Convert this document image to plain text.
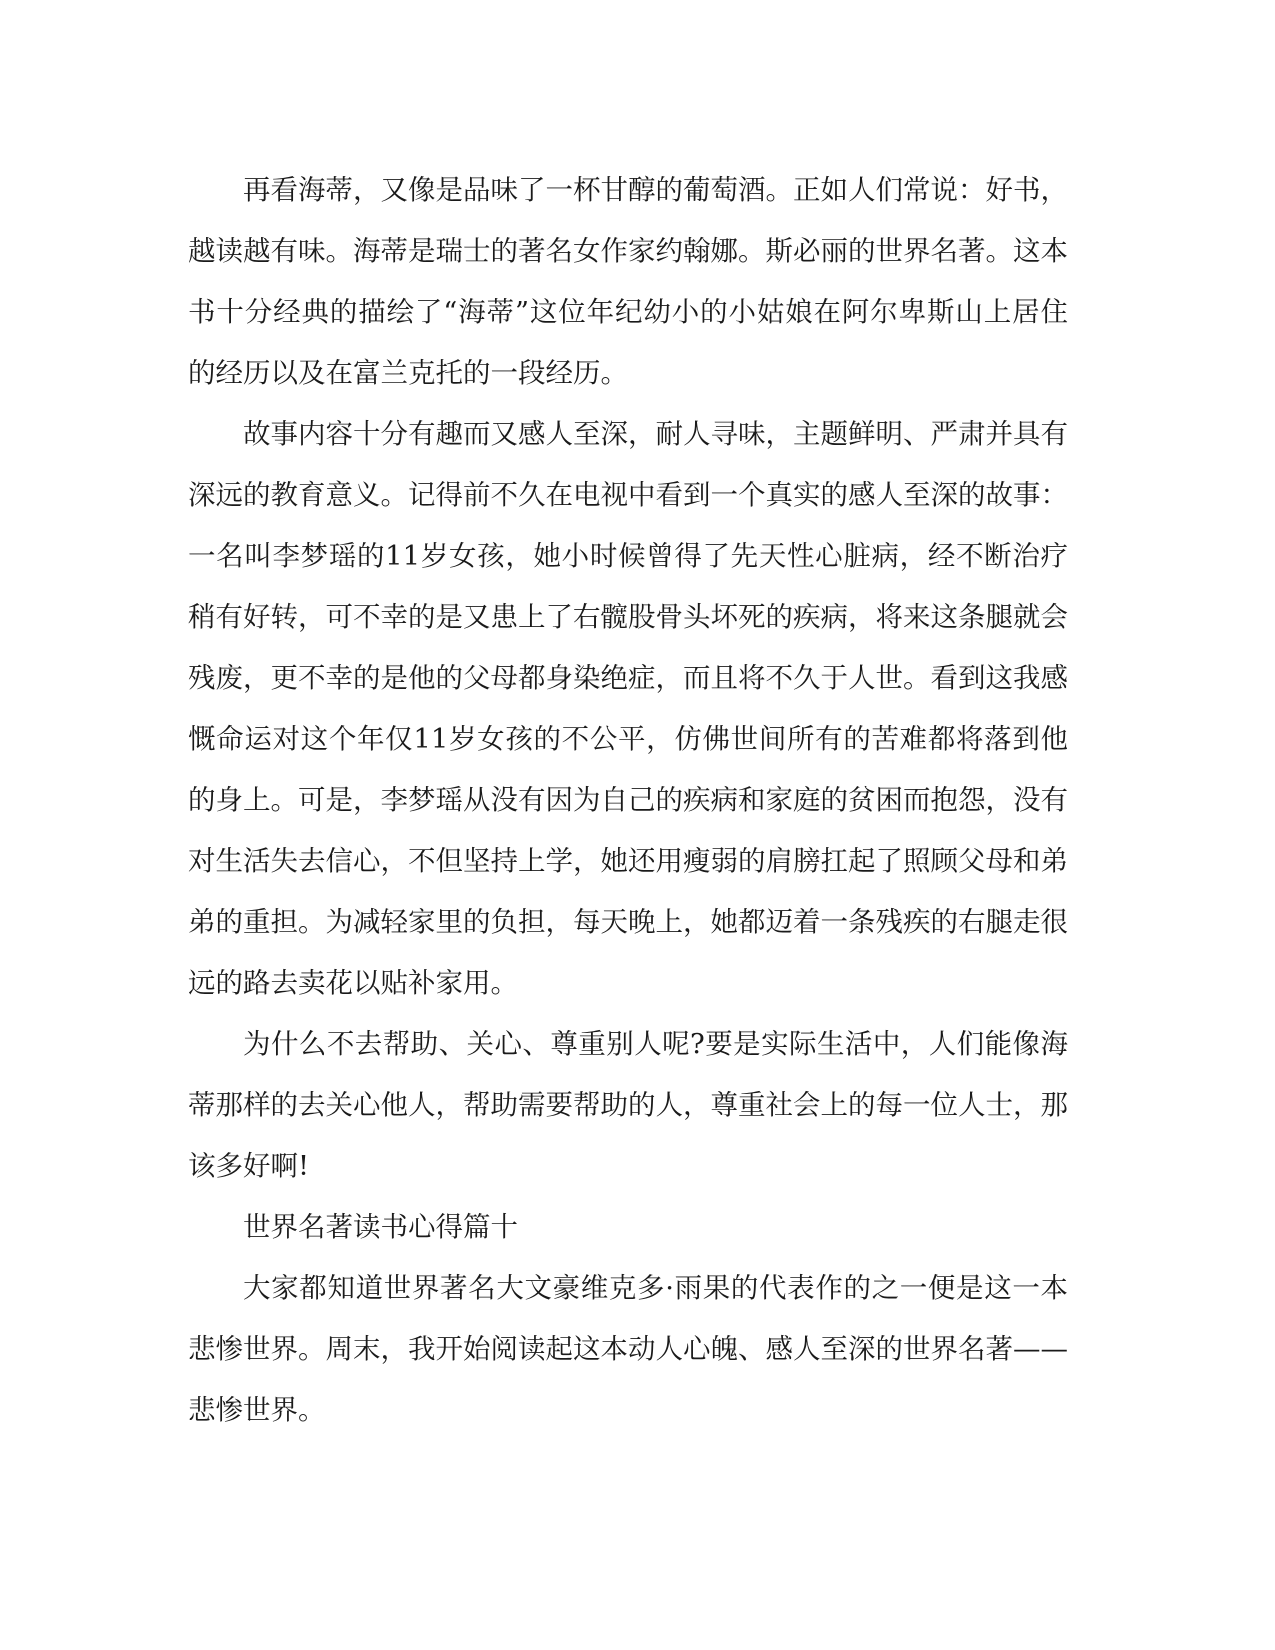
再看海蒂，又像是品味了一杯甘醇的葡萄酒。正如人们常说：好书，越读越有味。海蒂是瑞士的著名女作家约翰娜。斯必丽的世界名著。这本书十分经典的描绘了“海蒂”这位年纪幼小的小姑娘在阿尔卑斯山上居住的经历以及在富兰克托的一段经历。

故事内容十分有趣而又感人至深，耐人寻味，主题鲜明、严肃并具有深远的教育意义。记得前不久在电视中看到一个真实的感人至深的故事：一名叫李梦瑶的11岁女孩，她小时候曾得了先天性心脏病，经不断治疗稍有好转，可不幸的是又患上了右髋股骨头坏死的疾病，将来这条腿就会残废，更不幸的是他的父母都身染绝症，而且将不久于人世。看到这我感慨命运对这个年仅11岁女孩的不公平，仿佛世间所有的苦难都将落到他的身上。可是，李梦瑶从没有因为自己的疾病和家庭的贫困而抱怨，没有对生活失去信心，不但坚持上学，她还用瘦弱的肩膀扛起了照顾父母和弟弟的重担。为减轻家里的负担，每天晚上，她都迈着一条残疾的右腿走很远的路去卖花以贴补家用。

为什么不去帮助、关心、尊重别人呢?要是实际生活中，人们能像海蒂那样的去关心他人，帮助需要帮助的人，尊重社会上的每一位人士，那该多好啊!

世界名著读书心得篇十

大家都知道世界著名大文豪维克多·雨果的代表作的之一便是这一本悲惨世界。周末，我开始阅读起这本动人心魄、感人至深的世界名著——悲惨世界。
